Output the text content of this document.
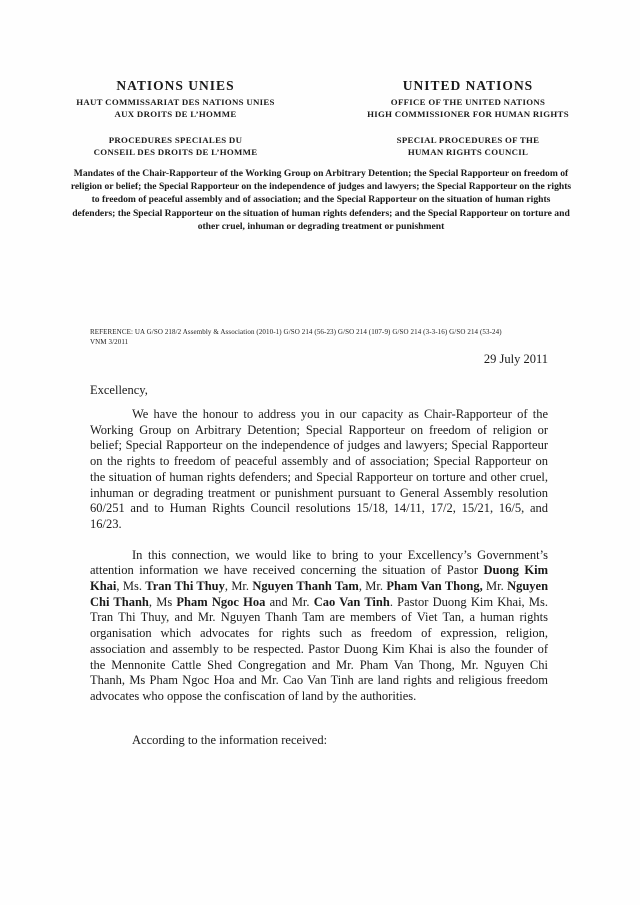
NATIONS UNIES
HAUT COMMISSARIAT DES NATIONS UNIES
AUX DROITS DE L’HOMME
PROCEDURES SPECIALES DU
CONSEIL DES DROITS DE L’HOMME
UNITED NATIONS
OFFICE OF THE UNITED NATIONS
HIGH COMMISSIONER FOR HUMAN RIGHTS
SPECIAL PROCEDURES OF THE
HUMAN RIGHTS COUNCIL
Mandates of the Chair-Rapporteur of the Working Group on Arbitrary Detention; the Special Rapporteur on freedom of religion or belief; the Special Rapporteur on the independence of judges and lawyers; the Special Rapporteur on the rights to freedom of peaceful assembly and of association; and the Special Rapporteur on the situation of human rights defenders; the Special Rapporteur on the situation of human rights defenders; and the Special Rapporteur on torture and other cruel, inhuman or degrading treatment or punishment
REFERENCE: UA G/SO 218/2 Assembly & Association (2010-1) G/SO 214 (56-23) G/SO 214 (107-9) G/SO 214 (3-3-16) G/SO 214 (53-24)
VNM 3/2011
29 July 2011
Excellency,

We have the honour to address you in our capacity as Chair-Rapporteur of the Working Group on Arbitrary Detention; Special Rapporteur on freedom of religion or belief; Special Rapporteur on the independence of judges and lawyers; Special Rapporteur on the rights to freedom of peaceful assembly and of association; Special Rapporteur on the situation of human rights defenders; and Special Rapporteur on torture and other cruel, inhuman or degrading treatment or punishment pursuant to General Assembly resolution 60/251 and to Human Rights Council resolutions 15/18, 14/11, 17/2, 15/21, 16/5, and 16/23.

In this connection, we would like to bring to your Excellency’s Government’s attention information we have received concerning the situation of Pastor Duong Kim Khai, Ms. Tran Thi Thuy, Mr. Nguyen Thanh Tam, Mr. Pham Van Thong, Mr. Nguyen Chi Thanh, Ms Pham Ngoc Hoa and Mr. Cao Van Tinh. Pastor Duong Kim Khai, Ms. Tran Thi Thuy, and Mr. Nguyen Thanh Tam are members of Viet Tan, a human rights organisation which advocates for rights such as freedom of expression, religion, association and assembly to be respected. Pastor Duong Kim Khai is also the founder of the Mennonite Cattle Shed Congregation and Mr. Pham Van Thong, Mr. Nguyen Chi Thanh, Ms Pham Ngoc Hoa and Mr. Cao Van Tinh are land rights and religious freedom advocates who oppose the confiscation of land by the authorities.

According to the information received:
